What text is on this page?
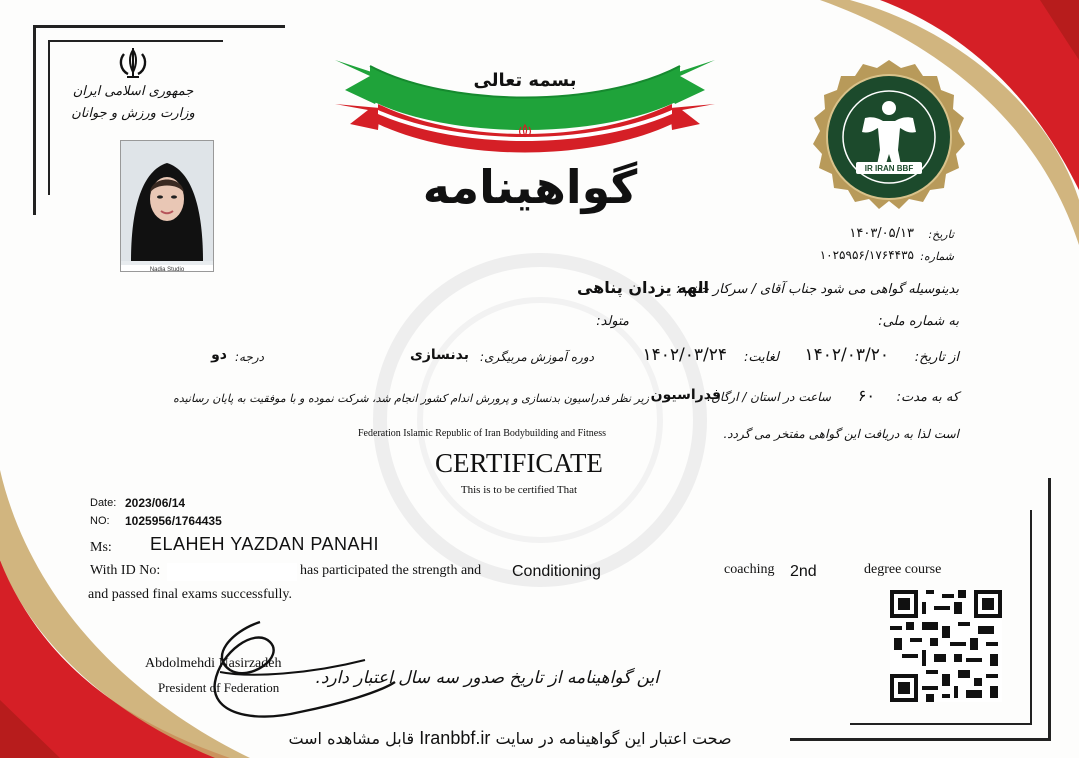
جمهوری اسلامی ایران
وزارت ورزش و جوانان
Nadia Studio
بسمه تعالی
گواهینامه	IR IRAN BBF
تاریخ:
۱۴۰۳/۰۵/۱۳
شماره:
۱۰۲۵۹۵۶/۱۷۶۴۴۳۵
بدینوسیله گواهی می شود جناب آقای / سرکار خانم :
الهه یزدان پناهی
به شماره ملی:
متولد:
از تاریخ:
۱۴۰۲/۰۳/۲۰
لغایت:
۱۴۰۲/۰۳/۲۴
دوره آموزش مربیگری:
بدنسازی
درجه:
دو
که به مدت:
۶۰
ساعت در استان / ارگان:
فدراسیون
زیر نظر فدراسیون بدنسازی و پرورش اندام کشور انجام شد، شرکت نموده و با موفقیت به پایان رسانیده
است لذا به دریافت این گواهی مفتخر می گردد.
Federation Islamic Republic of Iran Bodybuilding and Fitness
CERTIFICATE
This is to be certified That
Date: 2023/06/14
NO: 1025956/1764435
Ms: ELAHEH YAZDAN PANAHI
With ID No:	has participated the strength and Conditioning	coaching 2nd	degree course
and passed final exams successfully.
Abdolmehdi Nasirzadeh
President of Federation این گواهینامه از تاریخ صدور سه سال اعتبار دارد.
صحت اعتبار این گواهینامه در سایت Iranbbf.ir قابل مشاهده است
